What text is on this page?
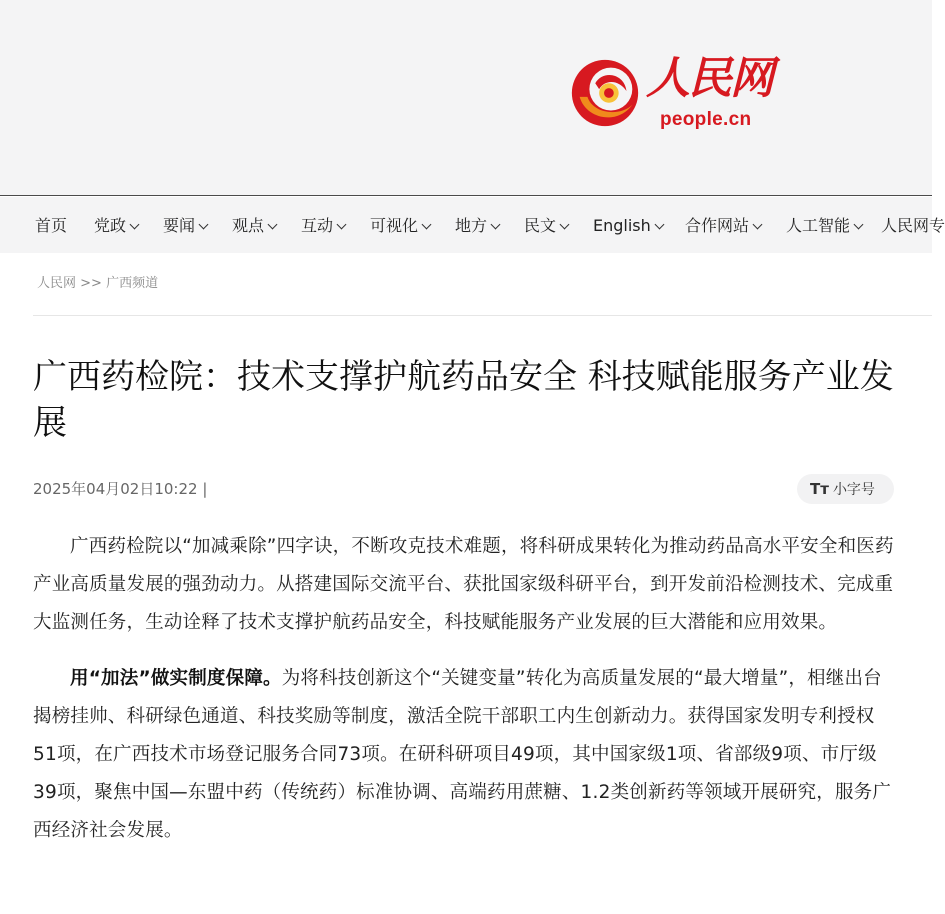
人民网
people.cn
首页 党政	要闻	观点	互动	可视化	地方	民文	English	合作网站	人工智能	人民网专
人民网 >> 广西频道
广西药检院：技术支撑护航药品安全 科技赋能服务产业发展
2025年04月02日10:22 |	Tт 小字号

广西药检院以“加减乘除”四字诀，不断攻克技术难题，将科研成果转化为推动药品高水平安全和医药产业高质量发展的强劲动力。从搭建国际交流平台、获批国家级科研平台，到开发前沿检测技术、完成重大监测任务，生动诠释了技术支撑护航药品安全，科技赋能服务产业发展的巨大潜能和应用效果。

用“加法”做实制度保障。为将科技创新这个“关键变量”转化为高质量发展的“最大增量”，相继出台揭榜挂帅、科研绿色通道、科技奖励等制度，激活全院干部职工内生创新动力。获得国家发明专利授权51项，在广西技术市场登记服务合同73项。在研科研项目49项，其中国家级1项、省部级9项、市厅级39项，聚焦中国—东盟中药（传统药）标准协调、高端药用蔗糖、1.2类创新药等领域开展研究，服务广西经济社会发展。
